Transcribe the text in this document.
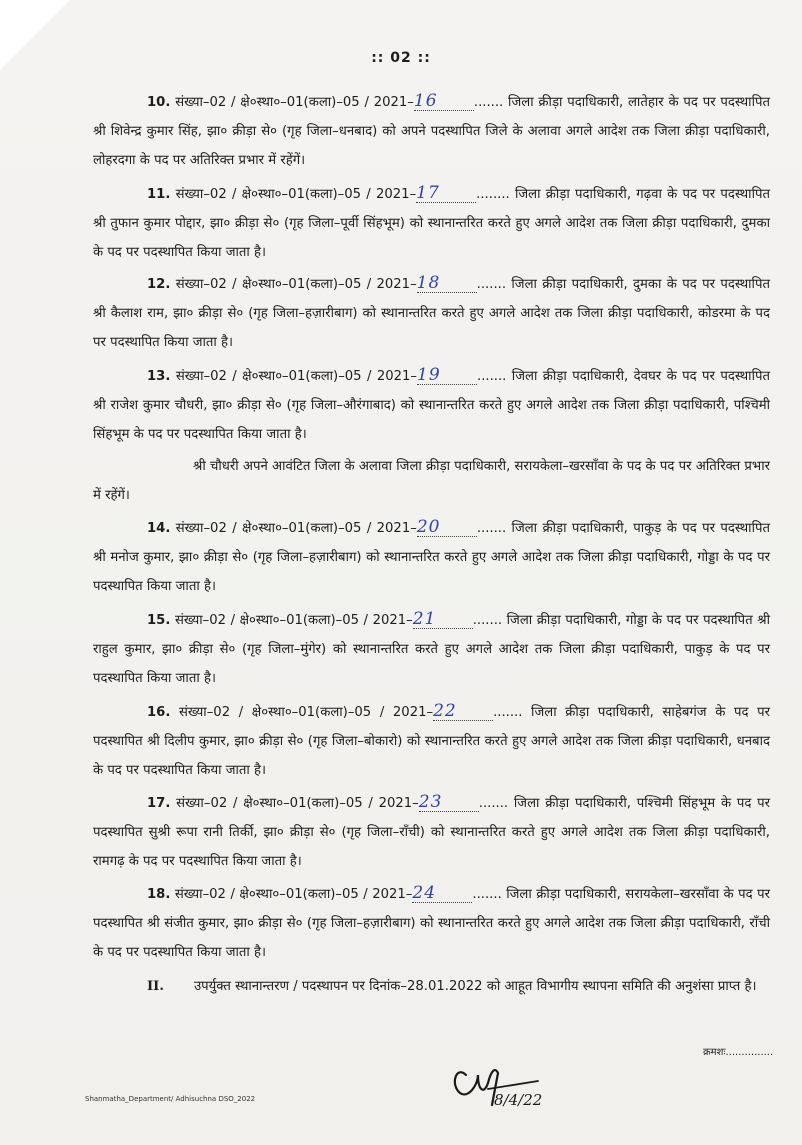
:: 02 ::
10. संख्या–02 / क्षे०स्था०–01(कला)–05 / 2021–16	....... जिला क्रीड़ा पदाधिकारी, लातेहार के पद पर पदस्थापित श्री शिवेन्द्र कुमार सिंह, झा० क्रीड़ा से० (गृह जिला–धनबाद) को अपने पदस्थापित जिले के अलावा अगले आदेश तक जिला क्रीड़ा पदाधिकारी, लोहरदगा के पद पर अतिरिक्त प्रभार में रहेंगें।
11. संख्या–02 / क्षे०स्था०–01(कला)–05 / 2021–17	........ जिला क्रीड़ा पदाधिकारी, गढ़वा के पद पर पदस्थापित श्री तुफान कुमार पोद्दार, झा० क्रीड़ा से० (गृह जिला–पूर्वी सिंहभूम) को स्थानान्तरित करते हुए अगले आदेश तक जिला क्रीड़ा पदाधिकारी, दुमका के पद पर पदस्थापित किया जाता है।
12. संख्या–02 / क्षे०स्था०–01(कला)–05 / 2021–18	....... जिला क्रीड़ा पदाधिकारी, दुमका के पद पर पदस्थापित श्री कैलाश राम, झा० क्रीड़ा से० (गृह जिला–हज़ारीबाग) को स्थानान्तरित करते हुए अगले आदेश तक जिला क्रीड़ा पदाधिकारी, कोडरमा के पद पर पदस्थापित किया जाता है।
13. संख्या–02 / क्षे०स्था०–01(कला)–05 / 2021–19	....... जिला क्रीड़ा पदाधिकारी, देवघर के पद पर पदस्थापित श्री राजेश कुमार चौधरी, झा० क्रीड़ा से० (गृह जिला–औरंगाबाद) को स्थानान्तरित करते हुए अगले आदेश तक जिला क्रीड़ा पदाधिकारी, पश्चिमी सिंहभूम के पद पर पदस्थापित किया जाता है।
श्री चौधरी अपने आवंटित जिला के अलावा जिला क्रीड़ा पदाधिकारी, सरायकेला–खरसाँवा के पद के पद पर अतिरिक्त प्रभार में रहेंगें।
14. संख्या–02 / क्षे०स्था०–01(कला)–05 / 2021–20	....... जिला क्रीड़ा पदाधिकारी, पाकुड़ के पद पर पदस्थापित श्री मनोज कुमार, झा० क्रीड़ा से० (गृह जिला–हज़ारीबाग) को स्थानान्तरित करते हुए अगले आदेश तक जिला क्रीड़ा पदाधिकारी, गोड्डा के पद पर पदस्थापित किया जाता है।
15. संख्या–02 / क्षे०स्था०–01(कला)–05 / 2021–21	....... जिला क्रीड़ा पदाधिकारी, गोड्डा के पद पर पदस्थापित श्री राहुल कुमार, झा० क्रीड़ा से० (गृह जिला–मुंगेर) को स्थानान्तरित करते हुए अगले आदेश तक जिला क्रीड़ा पदाधिकारी, पाकुड़ के पद पर पदस्थापित किया जाता है।
16. संख्या–02 / क्षे०स्था०–01(कला)–05 / 2021–22	....... जिला क्रीड़ा पदाधिकारी, साहेबगंज के पद पर पदस्थापित श्री दिलीप कुमार, झा० क्रीड़ा से० (गृह जिला–बोकारो) को स्थानान्तरित करते हुए अगले आदेश तक जिला क्रीड़ा पदाधिकारी, धनबाद के पद पर पदस्थापित किया जाता है।
17. संख्या–02 / क्षे०स्था०–01(कला)–05 / 2021–23	....... जिला क्रीड़ा पदाधिकारी, पश्चिमी सिंहभूम के पद पर पदस्थापित सुश्री रूपा रानी तिर्की, झा० क्रीड़ा से० (गृह जिला–राँची) को स्थानान्तरित करते हुए अगले आदेश तक जिला क्रीड़ा पदाधिकारी, रामगढ़ के पद पर पदस्थापित किया जाता है।
18. संख्या–02 / क्षे०स्था०–01(कला)–05 / 2021–24	....... जिला क्रीड़ा पदाधिकारी, सरायकेला–खरसाँवा के पद पर पदस्थापित श्री संजीत कुमार, झा० क्रीड़ा से० (गृह जिला–हज़ारीबाग) को स्थानान्तरित करते हुए अगले आदेश तक जिला क्रीड़ा पदाधिकारी, राँची के पद पर पदस्थापित किया जाता है।
II. उपर्युक्त स्थानान्तरण / पदस्थापन पर दिनांक–28.01.2022 को आहूत विभागीय स्थापना समिति की अनुशंसा प्राप्त है।
क्रमशः...............
8/4/22
Shanmatha_Department/ Adhisuchna DSO_2022
